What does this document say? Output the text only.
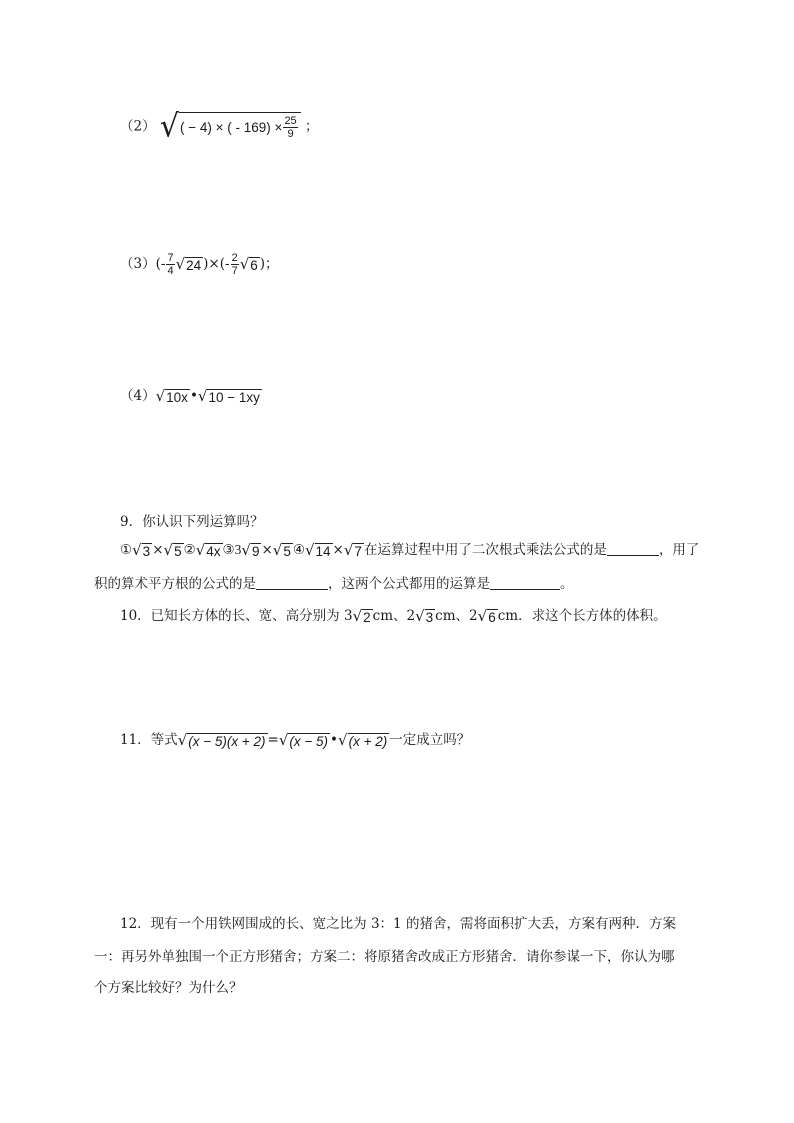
（2） √ ( − 4) × ( - $169) \times \frac{25}{9}$ ；
$(3)(- \frac{7}{4}$ √ 24 )×(- $\frac{2}{7}$ √ 6 )；
（4） √ 10x • √ 10 − 1xy
9．你认识下列运算吗？
① √ 3 × √ 5 ② √ 4x ③3 √ 9 × √ 5 ④ √ 14 × √ 7 在运算过程中用了二次根式乘法公式的是	，用了
积的算术平方根的公式的是	，这两个公式都用的运算是	。
10．已知长方体的长、宽、高分别为 3 √ 2 cm、2 √ 3 cm、2 √ 6 cm．求这个长方体的体积。
11．等式 √ (x − 5)(x + 2) = √ (x − 5) • √ (x + 2) 一定成立吗？
12．现有一个用铁网围成的长、宽之比为 3：1 的猪舍，需将面积扩大丢，方案有两种．方案
一：再另外单独围一个正方形猪舍；方案二：将原猪舍改成正方形猪舍．请你参谋一下，你认为哪
个方案比较好？为什么？
